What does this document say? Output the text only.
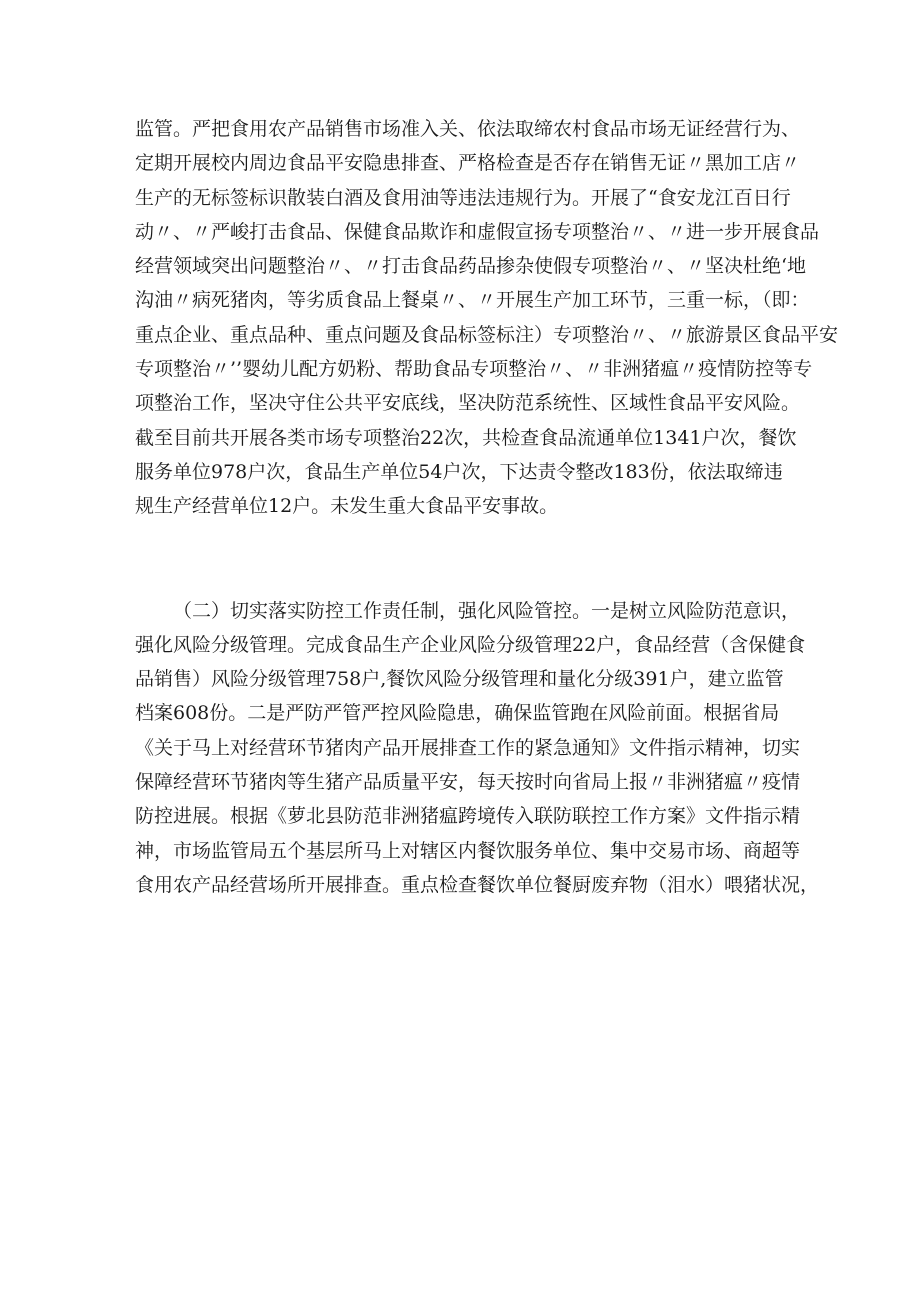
监管。严把食用农产品销售市场准入关、依法取缔农村食品市场无证经营行为、
定期开展校内周边食品平安隐患排查、严格检查是否存在销售无证〃黑加工店〃
生产的无标签标识散装白酒及食用油等违法违规行为。开展了“食安龙江百日行
动〃、〃严峻打击食品、保健食品欺诈和虚假宣扬专项整治〃、〃进一步开展食品
经营领域突出问题整治〃、〃打击食品药品掺杂使假专项整治〃、〃坚决杜绝‘地
沟油〃病死猪肉，等劣质食品上餐桌〃、〃开展生产加工环节，三重一标，（即：
重点企业、重点品种、重点问题及食品标签标注）专项整治〃、〃旅游景区食品平安
专项整治〃’’婴幼儿配方奶粉、帮助食品专项整治〃、〃非洲猪瘟〃疫情防控等专
项整治工作，坚决守住公共平安底线，坚决防范系统性、区域性食品平安风险。
截至目前共开展各类市场专项整治22次，共检查食品流通单位1341户次，餐饮
服务单位978户次，食品生产单位54户次，下达责令整改183份，依法取缔违
规生产经营单位12户。未发生重大食品平安事故。
（二）切实落实防控工作责任制，强化风险管控。一是树立风险防范意识，
强化风险分级管理。完成食品生产企业风险分级管理22户，食品经营（含保健食
品销售）风险分级管理758户,餐饮风险分级管理和量化分级391户，建立监管
档案608份。二是严防严管严控风险隐患，确保监管跑在风险前面。根据省局
《关于马上对经营环节猪肉产品开展排查工作的紧急通知》文件指示精神，切实
保障经营环节猪肉等生猪产品质量平安，每天按时向省局上报〃非洲猪瘟〃疫情
防控进展。根据《萝北县防范非洲猪瘟跨境传入联防联控工作方案》文件指示精
神，市场监管局五个基层所马上对辖区内餐饮服务单位、集中交易市场、商超等
食用农产品经营场所开展排查。重点检查餐饮单位餐厨废弃物（泪水）喂猪状况，
